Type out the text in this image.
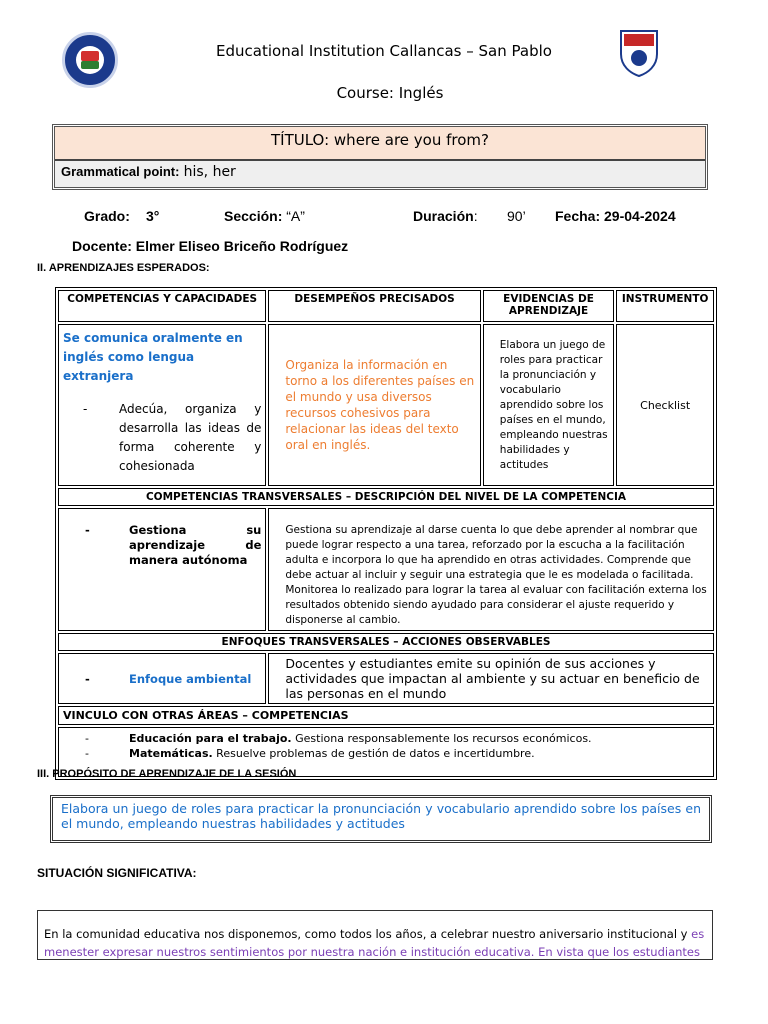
Educational Institution Callancas – San Pablo
Course: Inglés
TÍTULO: where are you from?
Grammatical point: his, her
Grado: 3°	Sección: “A”	Duración: 90’ Fecha: 29-04-2024
Docente: Elmer Eliseo Briceño Rodríguez
II. APRENDIZAJES ESPERADOS:
COMPETENCIAS Y CAPACIDADES	DESEMPEÑOS PRECISADOS	EVIDENCIAS DE APRENDIZAJE	INSTRUMENTO

Se comunica oralmente en inglés como lengua extranjera
- Adecúa, organiza y desarrolla las ideas de forma coherente y cohesionada	Organiza la información en torno a los diferentes países en el mundo y usa diversos recursos cohesivos para relacionar las ideas del texto oral en inglés.	Elabora un juego de roles para practicar la pronunciación y vocabulario aprendido sobre los países en el mundo, empleando nuestras habilidades y actitudes	Checklist
COMPETENCIAS TRANSVERSALES – DESCRIPCIÓN DEL NIVEL DE LA COMPETENCIA			

- Gestiona su aprendizaje de manera autónoma	Gestiona su aprendizaje al darse cuenta lo que debe aprender al nombrar que puede lograr respecto a una tarea, reforzado por la escucha a la facilitación adulta e incorpora lo que ha aprendido en otras actividades. Comprende que debe actuar al incluir y seguir una estrategia que le es modelada o facilitada. Monitorea lo realizado para lograr la tarea al evaluar con facilitación externa los resultados obtenido siendo ayudado para considerar el ajuste requerido y disponerse al cambio.		
ENFOQUES TRANSVERSALES – ACCIONES OBSERVABLES			

- Enfoque ambiental	Docentes y estudiantes emite su opinión de sus acciones y actividades que impactan al ambiente y su actuar en beneficio de las personas en el mundo		
VINCULO CON OTRAS ÁREAS – COMPETENCIAS			

- Educación para el trabajo. Gestiona responsablemente los recursos económicos.
- Matemáticas. Resuelve problemas de gestión de datos e incertidumbre.			
III. PROPÓSITO DE APRENDIZAJE DE LA SESIÓN
Elabora un juego de roles para practicar la pronunciación y vocabulario aprendido sobre los países en el mundo, empleando nuestras habilidades y actitudes
SITUACIÓN SIGNIFICATIVA:
En la comunidad educativa nos disponemos, como todos los años, a celebrar nuestro aniversario institucional y es menester expresar nuestros sentimientos por nuestra nación e institución educativa. En vista que los estudiantes
